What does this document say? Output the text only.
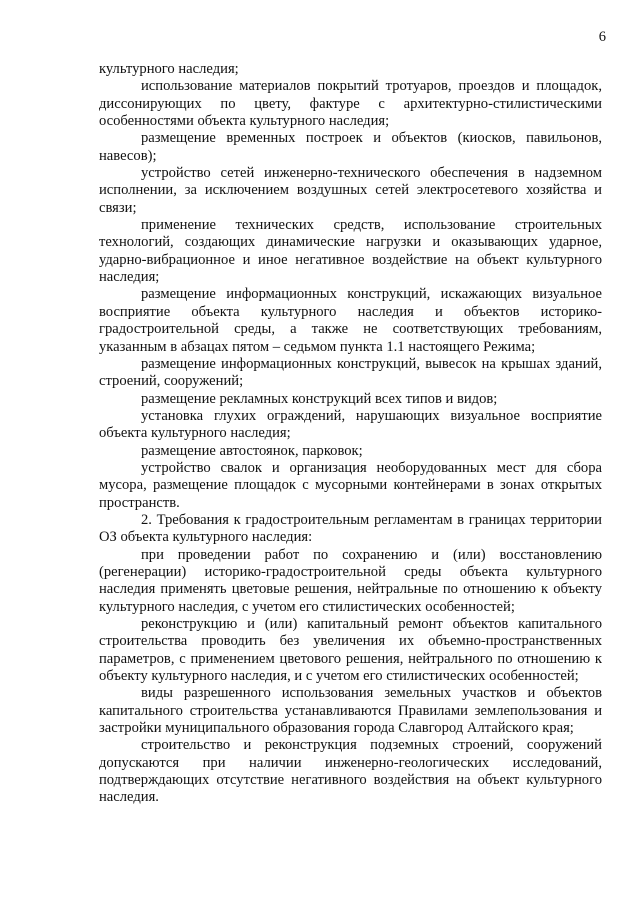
6

культурного наследия;

использование материалов покрытий тротуаров, проездов и площадок, диссонирующих по цвету, фактуре с архитектурно-стилистическими особенностями объекта культурного наследия;

размещение временных построек и объектов (киосков, павильонов, навесов);

устройство сетей инженерно-технического обеспечения в надземном исполнении, за исключением воздушных сетей электросетевого хозяйства и связи;

применение технических средств, использование строительных технологий, создающих динамические нагрузки и оказывающих ударное, ударно-вибрационное и иное негативное воздействие на объект культурного наследия;

размещение информационных конструкций, искажающих визуальное восприятие объекта культурного наследия и объектов историко-градостроительной среды, а также не соответствующих требованиям, указанным в абзацах пятом – седьмом пункта 1.1 настоящего Режима;

размещение информационных конструкций, вывесок на крышах зданий, строений, сооружений;

размещение рекламных конструкций всех типов и видов;

установка глухих ограждений, нарушающих визуальное восприятие объекта культурного наследия;

размещение автостоянок, парковок;

устройство свалок и организация необорудованных мест для сбора мусора, размещение площадок с мусорными контейнерами в зонах открытых пространств.

2. Требования к градостроительным регламентам в границах территории ОЗ объекта культурного наследия:

при проведении работ по сохранению и (или) восстановлению (регенерации) историко-градостроительной среды объекта культурного наследия применять цветовые решения, нейтральные по отношению к объекту культурного наследия, с учетом его стилистических особенностей;

реконструкцию и (или) капитальный ремонт объектов капитального строительства проводить без увеличения их объемно-пространственных параметров, с применением цветового решения, нейтрального по отношению к объекту культурного наследия, и с учетом его стилистических особенностей;

виды разрешенного использования земельных участков и объектов капитального строительства устанавливаются Правилами землепользования и застройки муниципального образования города Славгород Алтайского края;

строительство и реконструкция подземных строений, сооружений допускаются при наличии инженерно-геологических исследований, подтверждающих отсутствие негативного воздействия на объект культурного наследия.
